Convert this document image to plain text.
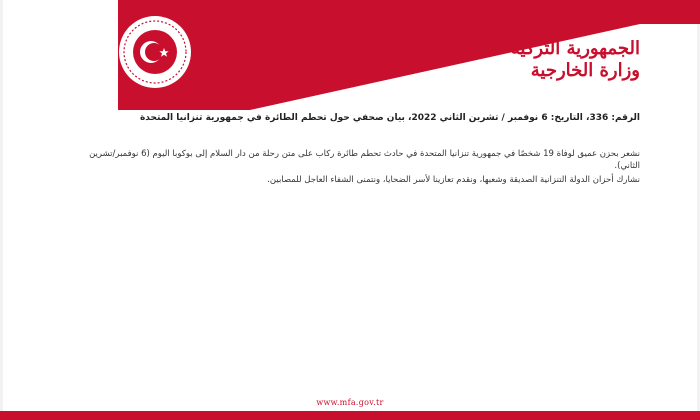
الجمهورية التركية
وزارة الخارجية
الرقم: 336، التاريخ: 6 نوفمبر / تشرين الثاني 2022، بيان صحفي حول تحطم الطائرة في جمهورية تنزانيا المتحدة
نشعر بحزن عميق لوفاة 19 شخصًا في جمهورية تنزانيا المتحدة في حادث تحطم طائرة ركاب على متن رحلة من دار السلام إلى بوكوبا اليوم (6 نوفمبر/تشرين الثاني).
نشارك أحزان الدولة التنزانية الصديقة وشعبها، ونقدم تعازينا لأسر الضحايا، ونتمنى الشفاء العاجل للمصابين.
www.mfa.gov.tr
